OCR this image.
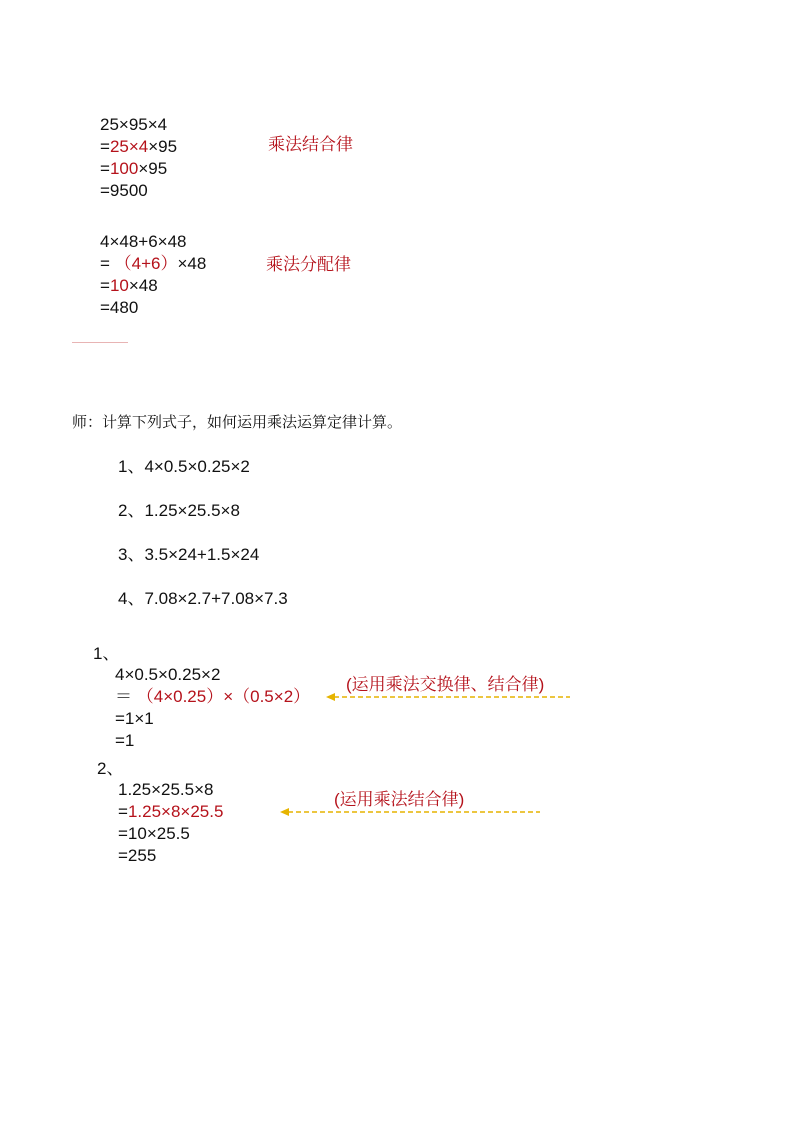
25×95×4
=25×4×95
=100×95
=9500
乘法结合律
4×48+6×48
= （4+6）×48
=10×48
=480
乘法分配律
师：计算下列式子，如何运用乘法运算定律计算。
1、4×0.5×0.25×2
2、1.25×25.5×8
3、3.5×24+1.5×24
4、7.08×2.7+7.08×7.3
1、
4×0.5×0.25×2
＝ （4×0.25）×（0.5×2）
=1×1
=1
(运用乘法交换律、结合律)
2、
1.25×25.5×8
=1.25×8×25.5
=10×25.5
=255
(运用乘法结合律)
